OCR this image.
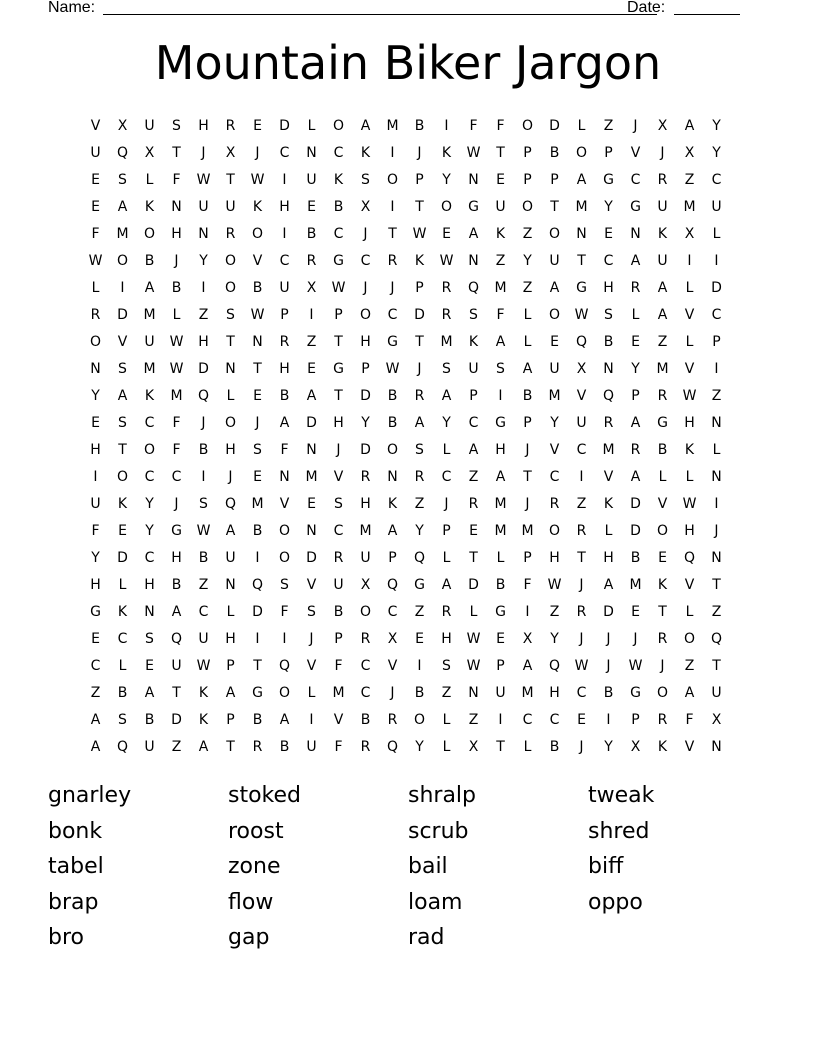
Name:	Date:
Mountain Biker Jargon
V	X	U	S	H	R	E	D	L	O	A	M	B	I	F	F	O	D	L	Z	J	X	A	Y
U	Q	X	T	J	X	J	C	N	C	K	I	J	K	W	T	P	B	O	P	V	J	X	Y
E	S	L	F	W	T	W	I	U	K	S	O	P	Y	N	E	P	P	A	G	C	R	Z	C
E	A	K	N	U	U	K	H	E	B	X	I	T	O	G	U	O	T	M	Y	G	U	M	U
F	M	O	H	N	R	O	I	B	C	J	T	W	E	A	K	Z	O	N	E	N	K	X	L
W	O	B	J	Y	O	V	C	R	G	C	R	K	W	N	Z	Y	U	T	C	A	U	I	I
L	I	A	B	I	O	B	U	X	W	J	J	P	R	Q	M	Z	A	G	H	R	A	L	D
R	D	M	L	Z	S	W	P	I	P	O	C	D	R	S	F	L	O	W	S	L	A	V	C
O	V	U	W	H	T	N	R	Z	T	H	G	T	M	K	A	L	E	Q	B	E	Z	L	P
N	S	M	W	D	N	T	H	E	G	P	W	J	S	U	S	A	U	X	N	Y	M	V	I
Y	A	K	M	Q	L	E	B	A	T	D	B	R	A	P	I	B	M	V	Q	P	R	W	Z
E	S	C	F	J	O	J	A	D	H	Y	B	A	Y	C	G	P	Y	U	R	A	G	H	N
H	T	O	F	B	H	S	F	N	J	D	O	S	L	A	H	J	V	C	M	R	B	K	L
I	O	C	C	I	J	E	N	M	V	R	N	R	C	Z	A	T	C	I	V	A	L	L	N
U	K	Y	J	S	Q	M	V	E	S	H	K	Z	J	R	M	J	R	Z	K	D	V	W	I
F	E	Y	G	W	A	B	O	N	C	M	A	Y	P	E	M	M	O	R	L	D	O	H	J
Y	D	C	H	B	U	I	O	D	R	U	P	Q	L	T	L	P	H	T	H	B	E	Q	N
H	L	H	B	Z	N	Q	S	V	U	X	Q	G	A	D	B	F	W	J	A	M	K	V	T
G	K	N	A	C	L	D	F	S	B	O	C	Z	R	L	G	I	Z	R	D	E	T	L	Z
E	C	S	Q	U	H	I	I	J	P	R	X	E	H	W	E	X	Y	J	J	J	R	O	Q
C	L	E	U	W	P	T	Q	V	F	C	V	I	S	W	P	A	Q	W	J	W	J	Z	T
Z	B	A	T	K	A	G	O	L	M	C	J	B	Z	N	U	M	H	C	B	G	O	A	U
A	S	B	D	K	P	B	A	I	V	B	R	O	L	Z	I	C	C	E	I	P	R	F	X
A	Q	U	Z	A	T	R	B	U	F	R	Q	Y	L	X	T	L	B	J	Y	X	K	V	N
gnarley	stoked	shralp	tweak
bonk	roost	scrub	shred
tabel	zone	bail	biff
brap	flow	loam	oppo
bro	gap	rad
